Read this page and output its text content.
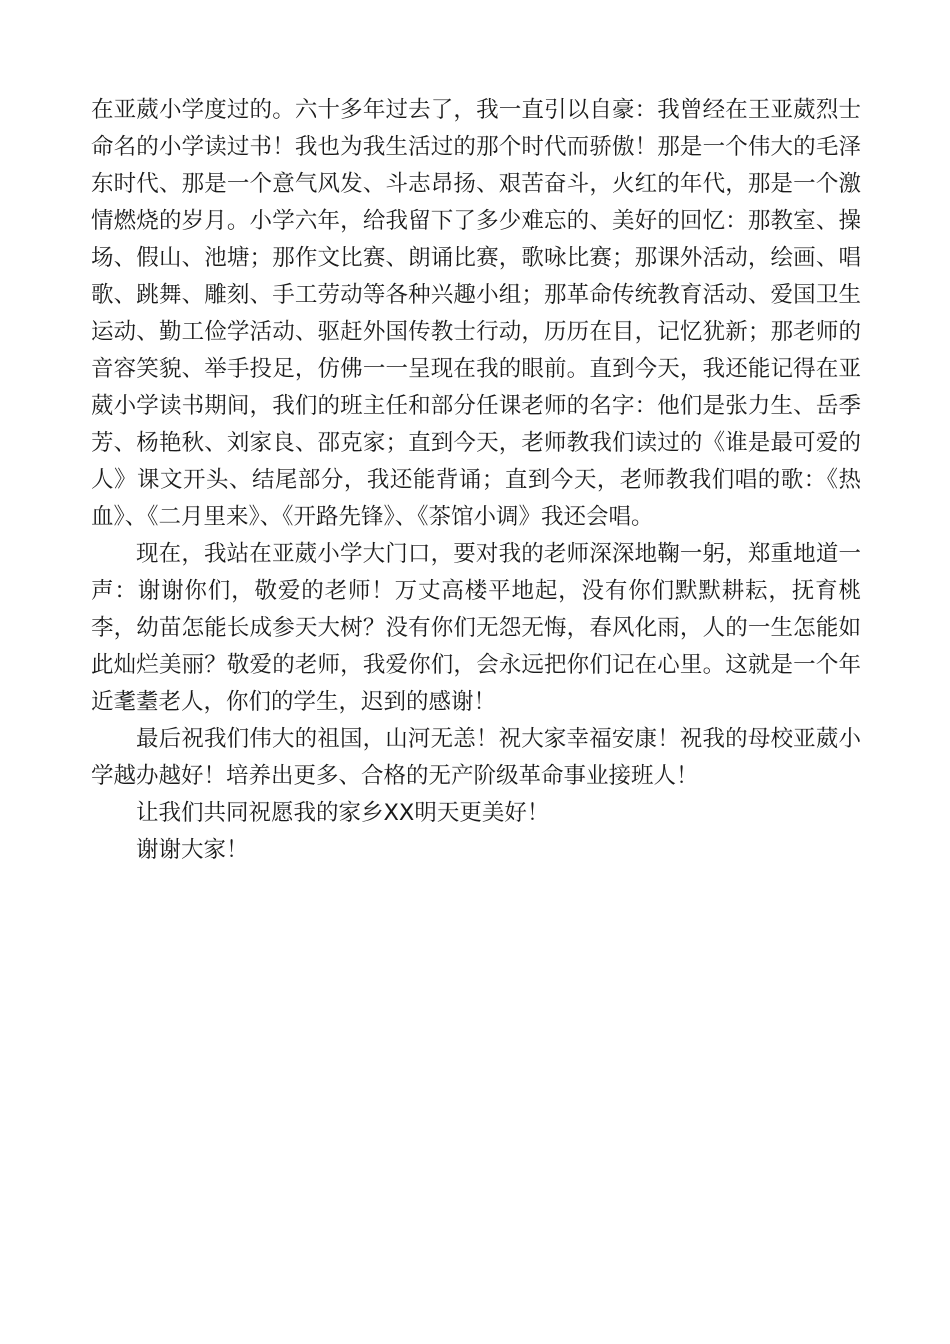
在亚葳小学度过的。六十多年过去了，我一直引以自豪：我曾经在王亚葳烈士
命名的小学读过书！我也为我生活过的那个时代而骄傲！那是一个伟大的毛泽
东时代、那是一个意气风发、斗志昂扬、艰苦奋斗，火红的年代，那是一个激
情燃烧的岁月。小学六年，给我留下了多少难忘的、美好的回忆：那教室、操
场、假山、池塘；那作文比赛、朗诵比赛，歌咏比赛；那课外活动，绘画、唱
歌、跳舞、雕刻、手工劳动等各种兴趣小组；那革命传统教育活动、爱国卫生
运动、勤工俭学活动、驱赶外国传教士行动，历历在目，记忆犹新；那老师的
音容笑貌、举手投足，仿佛一一呈现在我的眼前。直到今天，我还能记得在亚
葳小学读书期间，我们的班主任和部分任课老师的名字：他们是张力生、岳季
芳、杨艳秋、刘家良、邵克家；直到今天，老师教我们读过的《谁是最可爱的
人》课文开头、结尾部分，我还能背诵；直到今天，老师教我们唱的歌：《热
血》、《二月里来》、《开路先锋》、《茶馆小调》我还会唱。
现在，我站在亚葳小学大门口，要对我的老师深深地鞠一躬，郑重地道一
声：谢谢你们，敬爱的老师！万丈高楼平地起，没有你们默默耕耘，抚育桃
李，幼苗怎能长成参天大树？没有你们无怨无悔，春风化雨，人的一生怎能如
此灿烂美丽？敬爱的老师，我爱你们，会永远把你们记在心里。这就是一个年
近耄耋老人，你们的学生，迟到的感谢！
最后祝我们伟大的祖国，山河无恙！祝大家幸福安康！祝我的母校亚葳小
学越办越好！培养出更多、合格的无产阶级革命事业接班人！
让我们共同祝愿我的家乡XX明天更美好！
谢谢大家！
